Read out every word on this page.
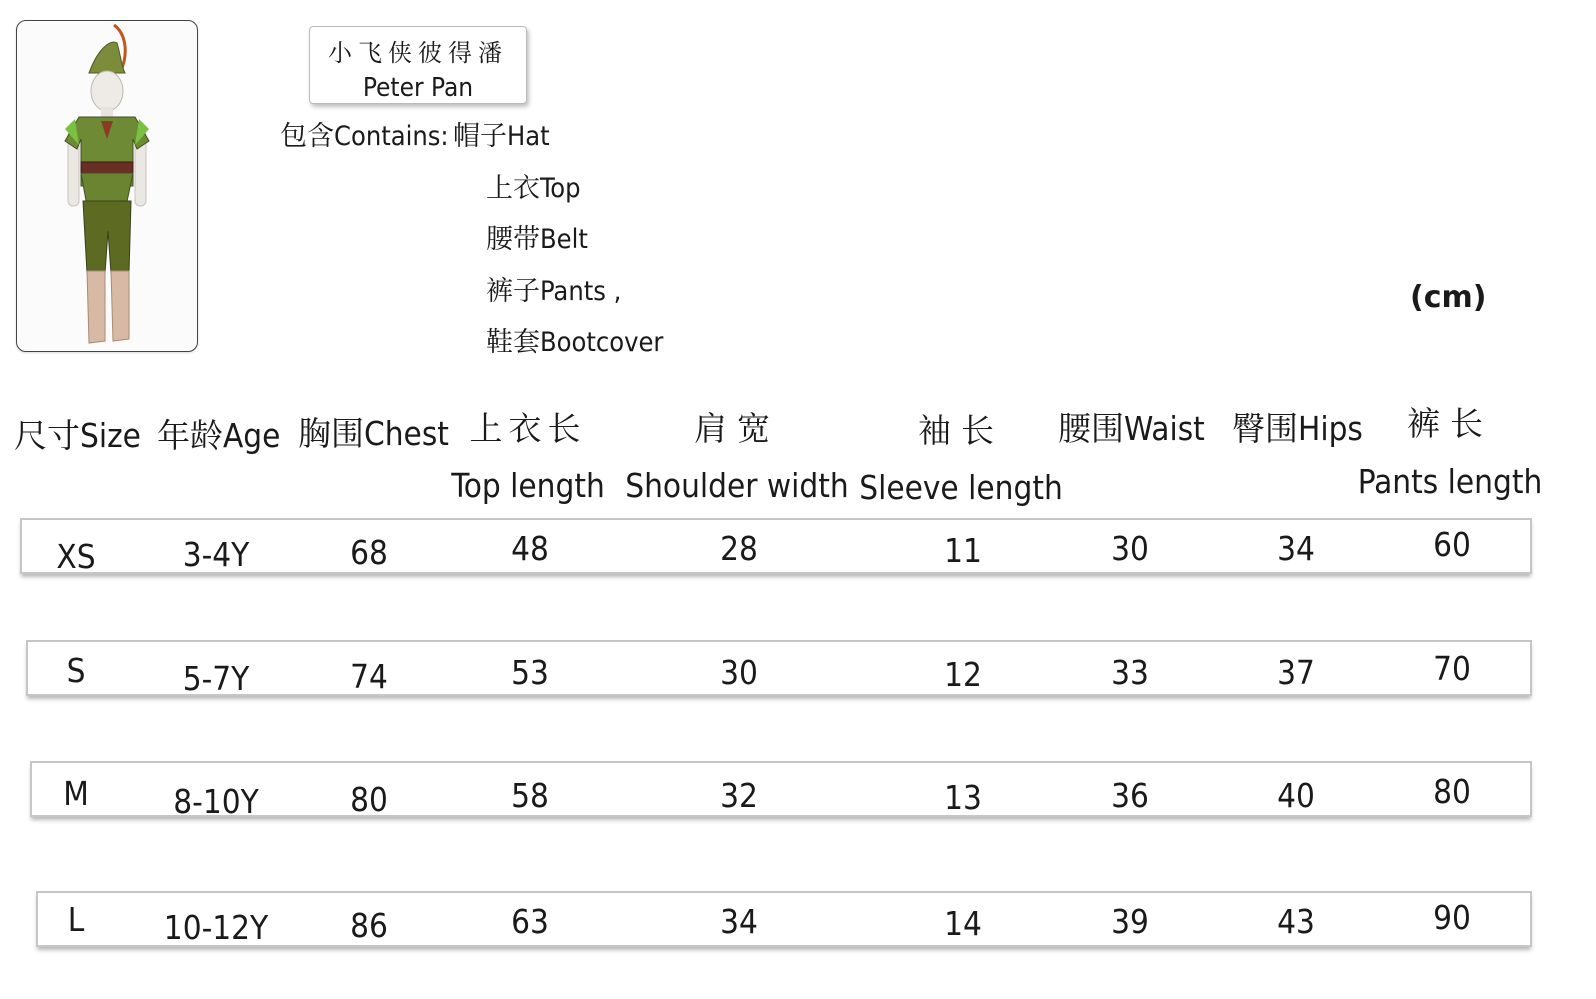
小飞侠彼得潘
Peter Pan
包含Contains: 帽子Hat
上衣Top
腰带Belt
裤子Pants ,
鞋套Bootcover
(cm)
尺寸Size 年龄Age 胸围Chest 上衣长
Top length
肩宽
Shoulder width
袖长
Sleeve length
腰围Waist 臀围Hips 裤长
Pants length
XS	3-4Y	68	48	28	11	30	34	60
S	5-7Y	74	53	30	12	33	37	70
M	8-10Y	80	58	32	13	36	40	80
L 10-12Y 86	63	34	14	39	43	90
